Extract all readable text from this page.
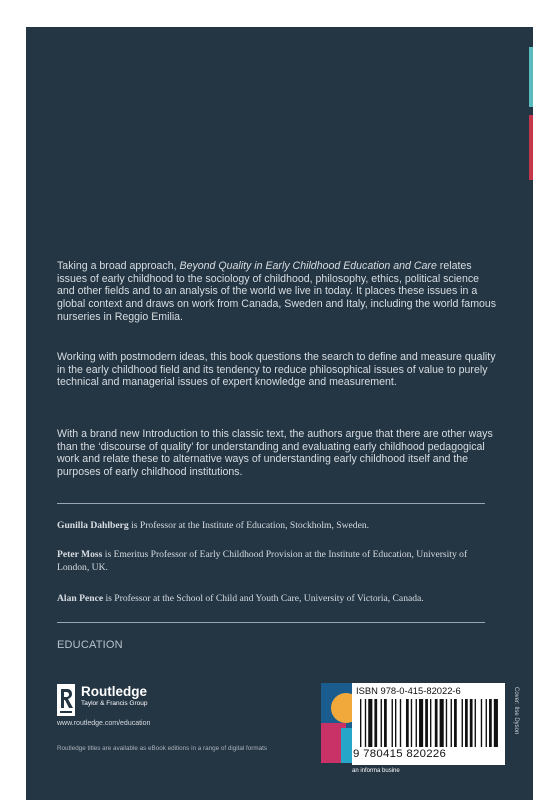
Taking a broad approach, Beyond Quality in Early Childhood Education and Care relates issues of early childhood to the sociology of childhood, philosophy, ethics, political science and other fields and to an analysis of the world we live in today. It places these issues in a global context and draws on work from Canada, Sweden and Italy, including the world famous nurseries in Reggio Emilia.

Working with postmodern ideas, this book questions the search to define and measure quality in the early childhood field and its tendency to reduce philosophical issues of value to purely technical and managerial issues of expert knowledge and measurement.

With a brand new Introduction to this classic text, the authors argue that there are other ways than the ‘discourse of quality’ for understanding and evaluating early childhood pedagogical work and relate these to alternative ways of understanding early childhood itself and the purposes of early childhood institutions.

Gunilla Dahlberg is Professor at the Institute of Education, Stockholm, Sweden.

Peter Moss is Emeritus Professor of Early Childhood Provision at the Institute of Education, University of London, UK.

Alan Pence is Professor at the School of Child and Youth Care, University of Victoria, Canada.

EDUCATION
Routledge
Taylor & Francis Group
www.routledge.com/education
Routledge titles are available as eBook editions in a range of digital formats
ISBN 978-0-415-82022-6
9 780415 820226
an informa busine
Cover: Ilse Dyson
